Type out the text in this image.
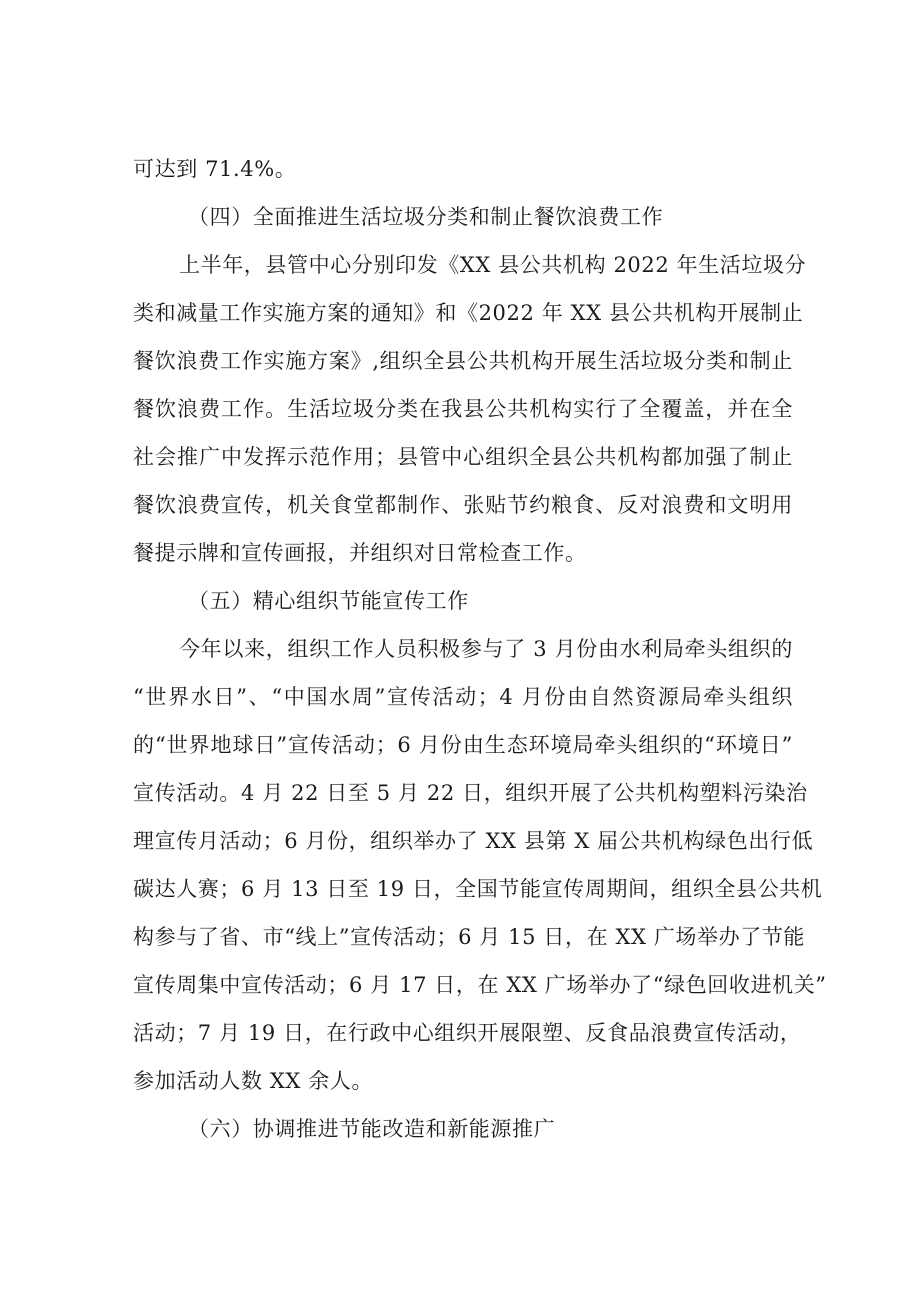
可达到 71.4%。
（四）全面推进生活垃圾分类和制止餐饮浪费工作
上半年，县管中心分别印发《XX 县公共机构 2022 年生活垃圾分
类和减量工作实施方案的通知》和《2022 年 XX 县公共机构开展制止
餐饮浪费工作实施方案》,组织全县公共机构开展生活垃圾分类和制止
餐饮浪费工作。生活垃圾分类在我县公共机构实行了全覆盖，并在全
社会推广中发挥示范作用；县管中心组织全县公共机构都加强了制止
餐饮浪费宣传，机关食堂都制作、张贴节约粮食、反对浪费和文明用
餐提示牌和宣传画报，并组织对日常检查工作。
（五）精心组织节能宣传工作
今年以来，组织工作人员积极参与了 3 月份由水利局牵头组织的
“世界水日”、“中国水周”宣传活动；4 月份由自然资源局牵头组织
的“世界地球日”宣传活动；6 月份由生态环境局牵头组织的“环境日”
宣传活动。4 月 22 日至 5 月 22 日，组织开展了公共机构塑料污染治
理宣传月活动；6 月份，组织举办了 XX 县第 X 届公共机构绿色出行低
碳达人赛；6 月 13 日至 19 日，全国节能宣传周期间，组织全县公共机
构参与了省、市“线上”宣传活动；6 月 15 日，在 XX 广场举办了节能
宣传周集中宣传活动；6 月 17 日，在 XX 广场举办了“绿色回收进机关”
活动；7 月 19 日，在行政中心组织开展限塑、反食品浪费宣传活动，
参加活动人数 XX 余人。
（六）协调推进节能改造和新能源推广
